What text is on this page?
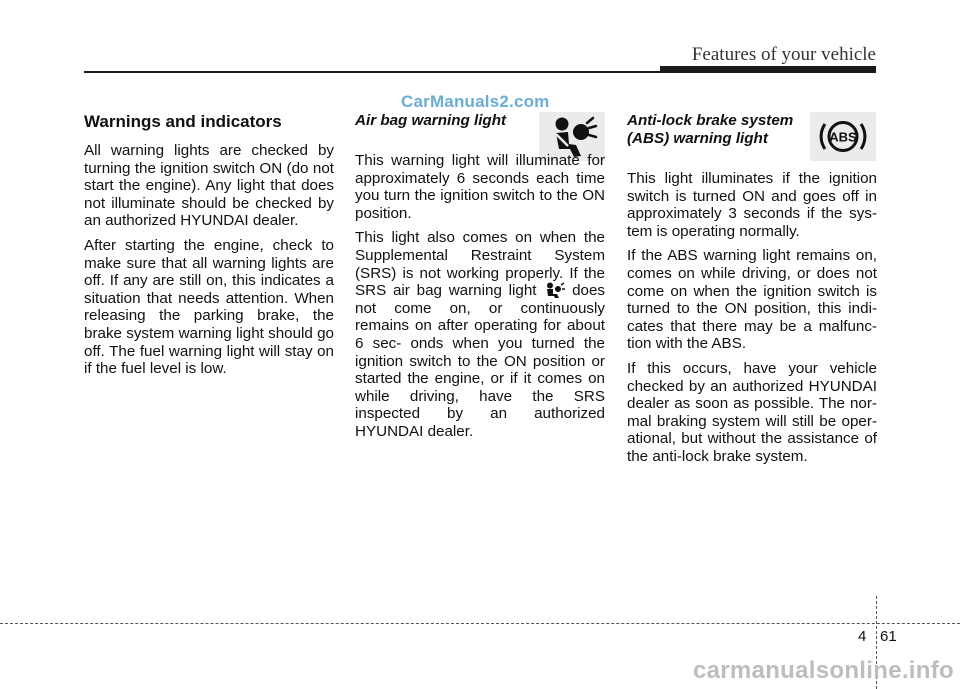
Features of your vehicle
CarManuals2.com
Warnings and indicators

All warning lights are checked by turning the ignition switch ON (do not start the engine). Any light that does not illuminate should be checked by an authorized HYUNDAI dealer.

After starting the engine, check to make sure that all warning lights are off. If any are still on, this indicates a situation that needs attention. When releasing the parking brake, the brake system warning light should go off. The fuel warning light will stay on if the fuel level is low.

Air bag warning light

This warning light will illuminate for approximately 6 seconds each time you turn the ignition switch to the ON position.

This light also comes on when the Supplemental Restraint System (SRS) is not working properly. If the SRS air bag warning light does not come on, or continuously remains on after operating for about 6 sec- onds when you turned the ignition switch to the ON position or started the engine, or if it comes on while driving, have the SRS inspected by an authorized HYUNDAI dealer.

ABS
Anti-lock brake system (ABS) warning light

This light illuminates if the ignition switch is turned ON and goes off in approximately 3 seconds if the sys- tem is operating normally.

If the ABS warning light remains on, comes on while driving, or does not come on when the ignition switch is turned to the ON position, this indi- cates that there may be a malfunc- tion with the ABS.

If this occurs, have your vehicle checked by an authorized HYUNDAI dealer as soon as possible. The nor- mal braking system will still be oper- ational, but without the assistance of the anti-lock brake system.

4 61
carmanualsonline.info
